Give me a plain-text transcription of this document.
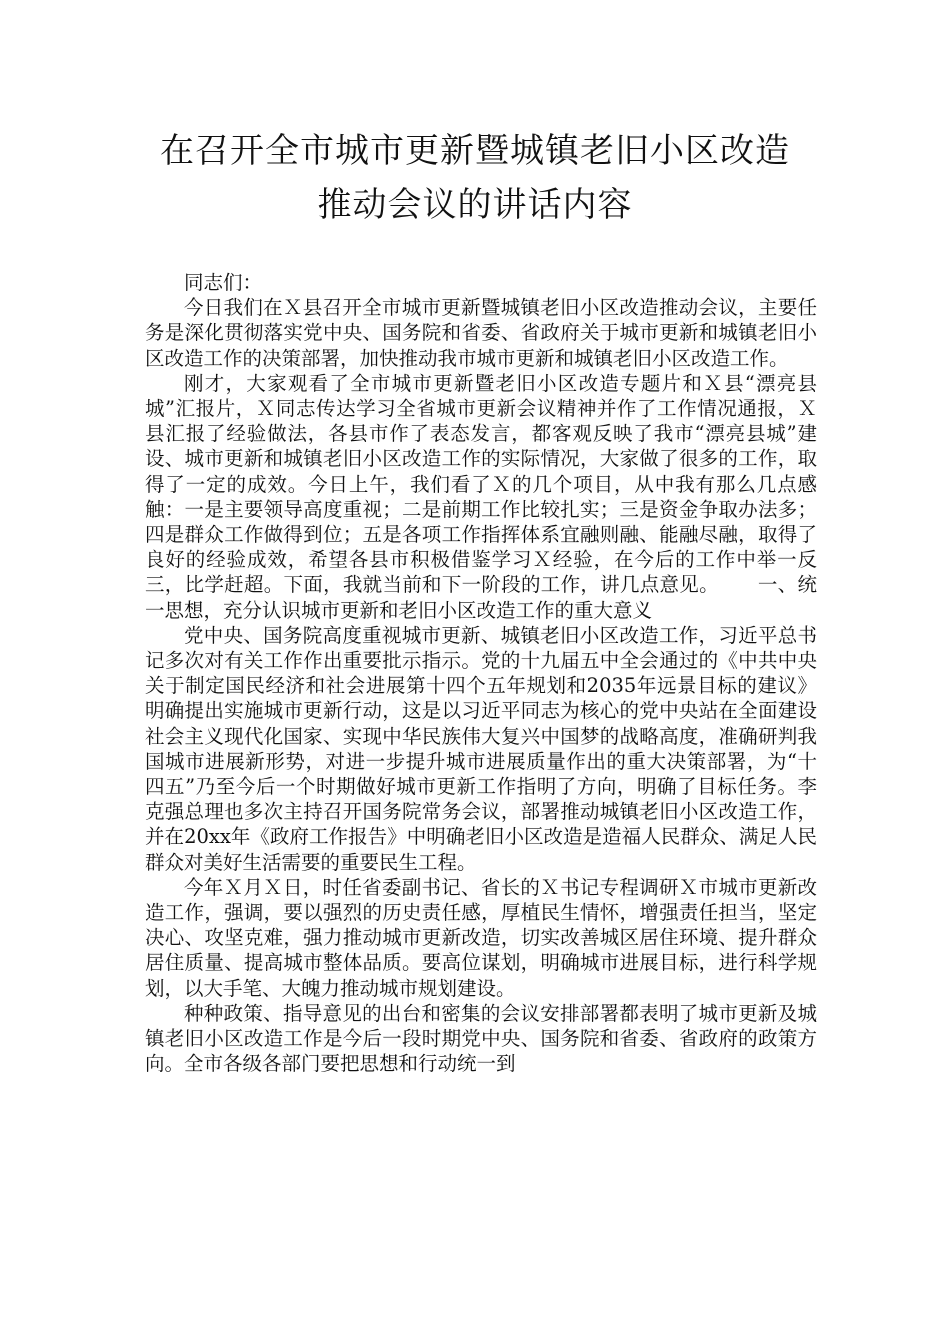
在召开全市城市更新暨城镇老旧小区改造
推动会议的讲话内容

同志们：

今日我们在Ｘ县召开全市城市更新暨城镇老旧小区改造推动会议，主要任务是深化贯彻落实党中央、国务院和省委、省政府关于城市更新和城镇老旧小区改造工作的决策部署，加快推动我市城市更新和城镇老旧小区改造工作。

刚才，大家观看了全市城市更新暨老旧小区改造专题片和Ｘ县“漂亮县城”汇报片，Ｘ同志传达学习全省城市更新会议精神并作了工作情况通报，Ｘ县汇报了经验做法，各县市作了表态发言，都客观反映了我市“漂亮县城”建设、城市更新和城镇老旧小区改造工作的实际情况，大家做了很多的工作，取得了一定的成效。今日上午，我们看了Ｘ的几个项目，从中我有那么几点感触：一是主要领导高度重视；二是前期工作比较扎实；三是资金争取办法多；四是群众工作做得到位；五是各项工作指挥体系宜融则融、能融尽融，取得了良好的经验成效，希望各县市积极借鉴学习Ｘ经验，在今后的工作中举一反三，比学赶超。下面，我就当前和下一阶段的工作，讲几点意见。 一、统一思想，充分认识城市更新和老旧小区改造工作的重大意义

党中央、国务院高度重视城市更新、城镇老旧小区改造工作，习近平总书记多次对有关工作作出重要批示指示。党的十九届五中全会通过的《中共中央关于制定国民经济和社会进展第十四个五年规划和2035年远景目标的建议》明确提出实施城市更新行动，这是以习近平同志为核心的党中央站在全面建设社会主义现代化国家、实现中华民族伟大复兴中国梦的战略高度，准确研判我国城市进展新形势，对进一步提升城市进展质量作出的重大决策部署，为“十四五”乃至今后一个时期做好城市更新工作指明了方向，明确了目标任务。李克强总理也多次主持召开国务院常务会议，部署推动城镇老旧小区改造工作，并在20xx年《政府工作报告》中明确老旧小区改造是造福人民群众、满足人民群众对美好生活需要的重要民生工程。

今年Ｘ月Ｘ日，时任省委副书记、省长的Ｘ书记专程调研Ｘ市城市更新改造工作，强调，要以强烈的历史责任感，厚植民生情怀，增强责任担当，坚定决心、攻坚克难，强力推动城市更新改造，切实改善城区居住环境、提升群众居住质量、提高城市整体品质。要高位谋划，明确城市进展目标，进行科学规划，以大手笔、大魄力推动城市规划建设。

种种政策、指导意见的出台和密集的会议安排部署都表明了城市更新及城镇老旧小区改造工作是今后一段时期党中央、国务院和省委、省政府的政策方向。全市各级各部门要把思想和行动统一到
